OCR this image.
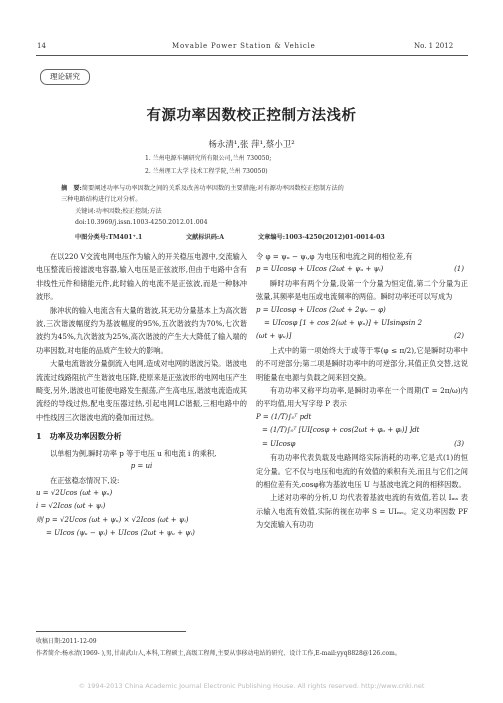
14	Movable Power Station & Vehicle	No. 1 2012
理论研究
有源功率因数校正控制方法浅析
杨永清¹,张 萍¹,蔡小卫²
1. 兰州电源车辆研究所有限公司,兰州 730050;
2. 兰州理工大学 技术工程学院,兰州 730050)
摘　要:简要阐述功率与功率因数之间的关系及改善功率因数的主要措施;对有源功率因数校正控制方法的
三种电路结构进行比对分析。
关键词:功率因数;校正控制;方法
doi:10.3969/j.issn.1003-4250.2012.01.004
中图分类号:TM401⁺.1	文献标识码:A	文章编号:1003-4250(2012)01-0014-03

在以220 V交流电网电压作为输入的开关稳压电源中,交流输入电压整流后接滤波电容器,输入电压是正弦波形,但由于电路中含有非线性元件和储能元件,此时输入的电流不是正弦波,而是一种脉冲波形。

脉冲状的输入电流含有大量的谐波,其无功分量基本上为高次谐波,三次谐波幅度约为基波幅度的95%,五次谐波约为70%,七次谐波约为45%,九次谐波为25%,高次谐波的产生大大降低了输入端的功率因数,对电能的品质产生较大的影响。

大量电流谐波分量倒流入电网,造成对电网的谐波污染。谐波电流流过线路阻抗产生谐波电压降,使原来是正弦波形的电网电压产生畸变,另外,谐波也可能使电路发生振荡,产生高电压,谐波电流造成其流经的导线过热,配电变压器过热,引起电网LC谐振,三相电路中的中性线因三次谐波电流的叠加而过热。

1　功率及功率因数分析

以单相为例,瞬时功率 p 等于电压 u 和电流 i 的乘积,

p = ui

在正弦稳态情况下,设:

u = √2Ucos (ωt + ψᵤ)
i = √2Icos (ωt + ψᵢ)
则 p = √2Ucos (ωt + ψᵤ) × √2Icos (ωt + ψᵢ)
= UIcos (ψᵤ − ψᵢ) + UIcos (2ωt + ψᵤ + ψᵢ)

令 φ = ψᵤ − ψᵢ,φ 为电压和电流之间的相位差,有

p = UIcosφ + UIcos (2ωt + ψᵤ + ψᵢ)	(1)

瞬时功率有两个分量,设第一个分量为恒定值,第二个分量为正弦量,其频率是电压或电流频率的两倍。瞬时功率还可以写成为

p = UIcosφ + UIcos (2ωt + 2ψᵤ − φ)
= UIcosφ [1 + cos 2(ωt + ψᵤ)] + UIsinφsin 2
(ωt + ψᵤ)]	(2)

上式中的第一项始终大于或等于零(φ ≤ π/2),它是瞬时功率中的不可逆部分;第二项是瞬时功率中的可逆部分,其值正负交替,这说明能量在电源与负载之间来回交换。

有功功率又称平均功率,是瞬时功率在一个周期(T = 2π/ω)内的平均值,用大写字母 P 表示

P = (1/T)∫₀ᵀ pdt
= (1/T)∫₀ᵀ [UI[cosφ + cos(2ωt + φᵤ + φᵢ)] ]dt
= UIcosφ	(3)

有功功率代表负载及电路网络实际消耗的功率,它是式(1)的恒定分量。它不仅与电压和电流的有效值的乘积有关,而且与它们之间的相位差有关,cosφ称为基波电压 U 与基波电流之间的相移因数。

上述对功率的分析,U 均代表着基波电流的有效值,若以 Iₘₛ 表示输入电流有效值,实际的视在功率 S = UIₘₛ。定义功率因数 PF 为交流输入有功功

收稿日期:2011-12-09
作者简介:杨永清(1969- ),男,甘肃武山人,本科,工程硕士,高级工程师,主要从事移动电站的研究、设计工作,E-mail:yyq8828@126.com。
© 1994-2013 China Academic Journal Electronic Publishing House. All rights reserved. http://www.cnki.net
